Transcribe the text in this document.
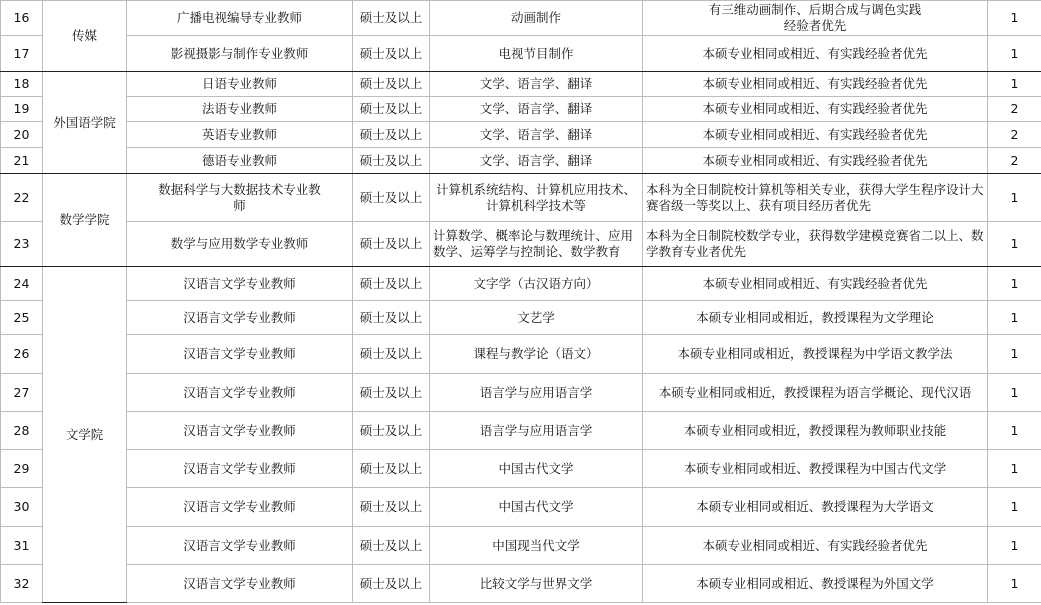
16	传媒	广播电视编导专业教师	硕士及以上	动画制作	有三维动画制作、后期合成与调色实践经验者优先	1
17		影视摄影与制作专业教师	硕士及以上	电视节目制作	本硕专业相同或相近、有实践经验者优先	1
18	外国语学院	日语专业教师	硕士及以上	文学、语言学、翻译	本硕专业相同或相近、有实践经验者优先	1
19		法语专业教师	硕士及以上	文学、语言学、翻译	本硕专业相同或相近、有实践经验者优先	2
20		英语专业教师	硕士及以上	文学、语言学、翻译	本硕专业相同或相近、有实践经验者优先	2
21		德语专业教师	硕士及以上	文学、语言学、翻译	本硕专业相同或相近、有实践经验者优先	2
22	数学学院	数据科学与大数据技术专业教师	硕士及以上	计算机系统结构、计算机应用技术、计算机科学技术等	本科为全日制院校计算机等相关专业，获得大学生程序设计大赛省级一等奖以上、获有项目经历者优先	1
23		数学与应用数学专业教师	硕士及以上	计算数学、概率论与数理统计、应用数学、运筹学与控制论、数学教育	本科为全日制院校数学专业，获得数学建模竞赛省二以上、数学教育专业者优先	1
24	文学院	汉语言文学专业教师	硕士及以上	文字学（古汉语方向）	本硕专业相同或相近、有实践经验者优先	1
25		汉语言文学专业教师	硕士及以上	文艺学	本硕专业相同或相近，教授课程为文学理论	1
26		汉语言文学专业教师	硕士及以上	课程与教学论（语文）	本硕专业相同或相近，教授课程为中学语文教学法	1
27		汉语言文学专业教师	硕士及以上	语言学与应用语言学	本硕专业相同或相近，教授课程为语言学概论、现代汉语	1
28		汉语言文学专业教师	硕士及以上	语言学与应用语言学	本硕专业相同或相近，教授课程为教师职业技能	1
29		汉语言文学专业教师	硕士及以上	中国古代文学	本硕专业相同或相近、教授课程为中国古代文学	1
30		汉语言文学专业教师	硕士及以上	中国古代文学	本硕专业相同或相近、教授课程为大学语文	1
31		汉语言文学专业教师	硕士及以上	中国现当代文学	本硕专业相同或相近、有实践经验者优先	1
32		汉语言文学专业教师	硕士及以上	比较文学与世界文学	本硕专业相同或相近、教授课程为外国文学	1
